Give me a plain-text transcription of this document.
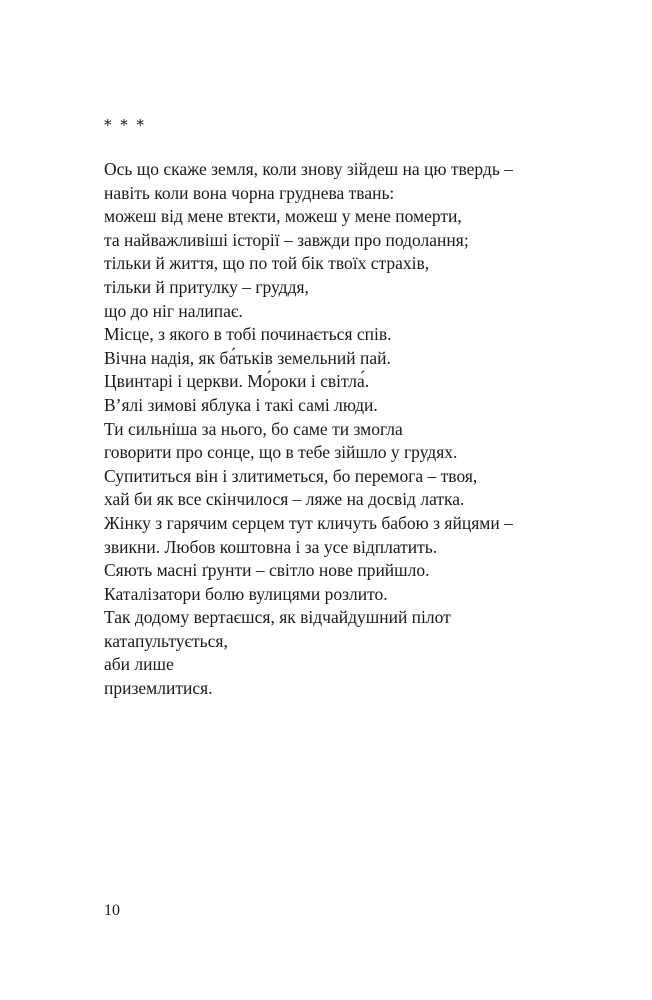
* * *
Ось що скаже земля, коли знову зійдеш на цю твердь –
навіть коли вона чорна груднева твань:
можеш від мене втекти, можеш у мене померти,
та найважливіші історії – завжди про подолання;
тільки й життя, що по той бік твоїх страхів,
тільки й притулку – груддя,
що до ніг налипає.
Місце, з якого в тобі починається спів.
Вічна надія, як ба́тьків земельний пай.
Цвинтарі і церкви. Мо́роки і світла́.
В’ялі зимові яблука і такі самі люди.
Ти сильніша за нього, бо саме ти змогла
говорити про сонце, що в тебе зійшло у грудях.
Супититься він і злитиметься, бо перемога – твоя,
хай би як все скінчилося – ляже на досвід латка.
Жінку з гарячим серцем тут кличуть бабою з яйцями –
звикни. Любов коштовна і за усе відплатить.
Сяють масні ґрунти – світло нове прийшло.
Каталізатори болю вулицями розлито.
Так додому вертаєшся, як відчайдушний пілот
катапультується,
аби лише
приземлитися.
10
